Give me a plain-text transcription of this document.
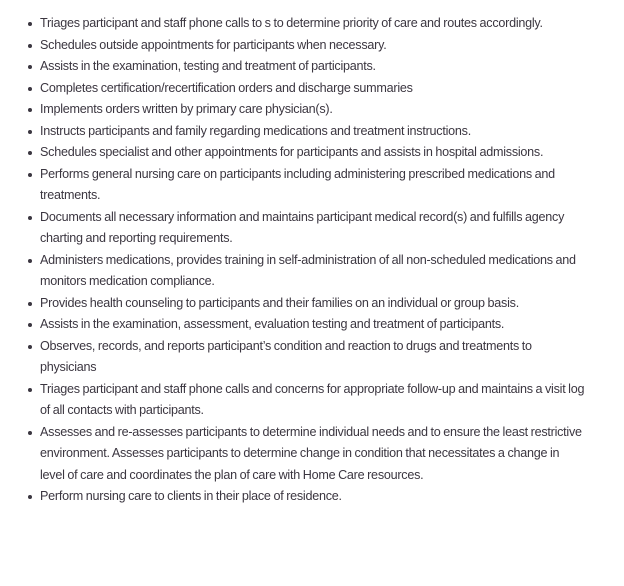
Triages participant and staff phone calls to s to determine priority of care and routes accordingly.
Schedules outside appointments for participants when necessary.
Assists in the examination, testing and treatment of participants.
Completes certification/recertification orders and discharge summaries
Implements orders written by primary care physician(s).
Instructs participants and family regarding medications and treatment instructions.
Schedules specialist and other appointments for participants and assists in hospital admissions.
Performs general nursing care on participants including administering prescribed medications and treatments.
Documents all necessary information and maintains participant medical record(s) and fulfills agency charting and reporting requirements.
Administers medications, provides training in self-administration of all non-scheduled medications and monitors medication compliance.
Provides health counseling to participants and their families on an individual or group basis.
Assists in the examination, assessment, evaluation testing and treatment of participants.
Observes, records, and reports participant’s condition and reaction to drugs and treatments to physicians
Triages participant and staff phone calls and concerns for appropriate follow-up and maintains a visit log of all contacts with participants.
Assesses and re-assesses participants to determine individual needs and to ensure the least restrictive environment. Assesses participants to determine change in condition that necessitates a change in level of care and coordinates the plan of care with Home Care resources.
Perform nursing care to clients in their place of residence.
